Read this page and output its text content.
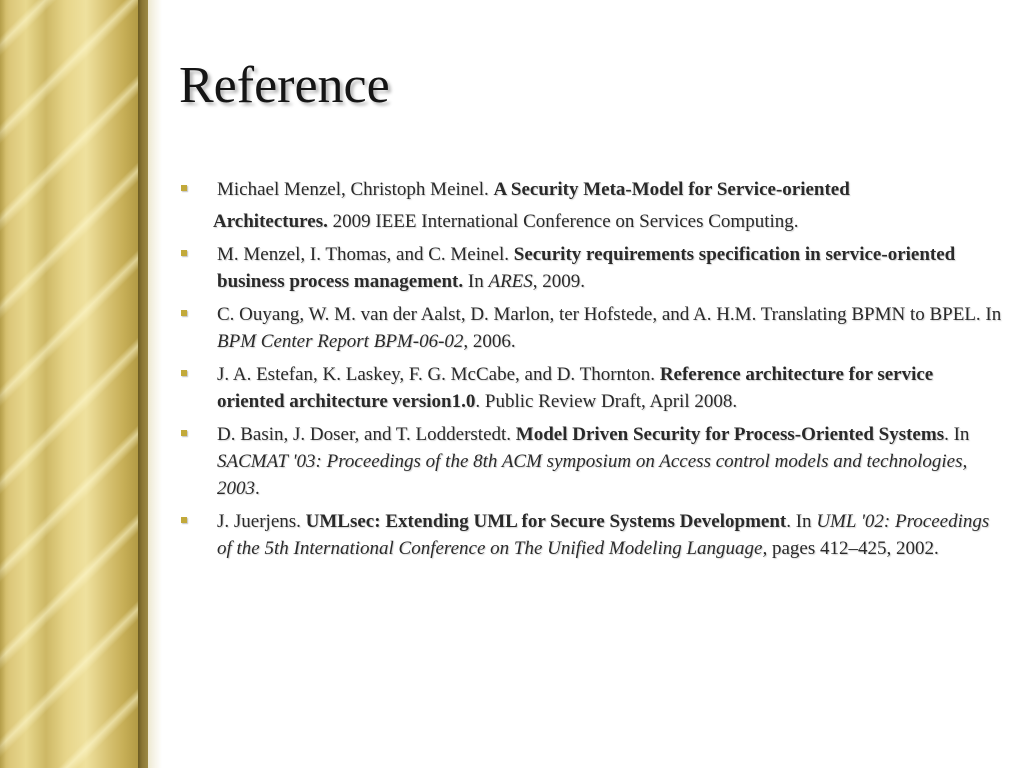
Reference
Michael Menzel, Christoph Meinel. A Security Meta-Model for Service-oriented
Architectures. 2009 IEEE International Conference on Services Computing.
M. Menzel, I. Thomas, and C. Meinel. Security requirements specification in service-oriented business process management. In ARES, 2009.
C. Ouyang, W. M. van der Aalst, D. Marlon, ter Hofstede, and A. H.M. Translating BPMN to BPEL. In BPM Center Report BPM-06-02, 2006.
J. A. Estefan, K. Laskey, F. G. McCabe, and D. Thornton. Reference architecture for service oriented architecture version1.0. Public Review Draft, April 2008.
D. Basin, J. Doser, and T. Lodderstedt. Model Driven Security for Process-Oriented Systems. In SACMAT '03: Proceedings of the 8th ACM symposium on Access control models and technologies, 2003.
J. Juerjens. UMLsec: Extending UML for Secure Systems Development. In UML '02: Proceedings of the 5th International Conference on The Unified Modeling Language, pages 412–425, 2002.
